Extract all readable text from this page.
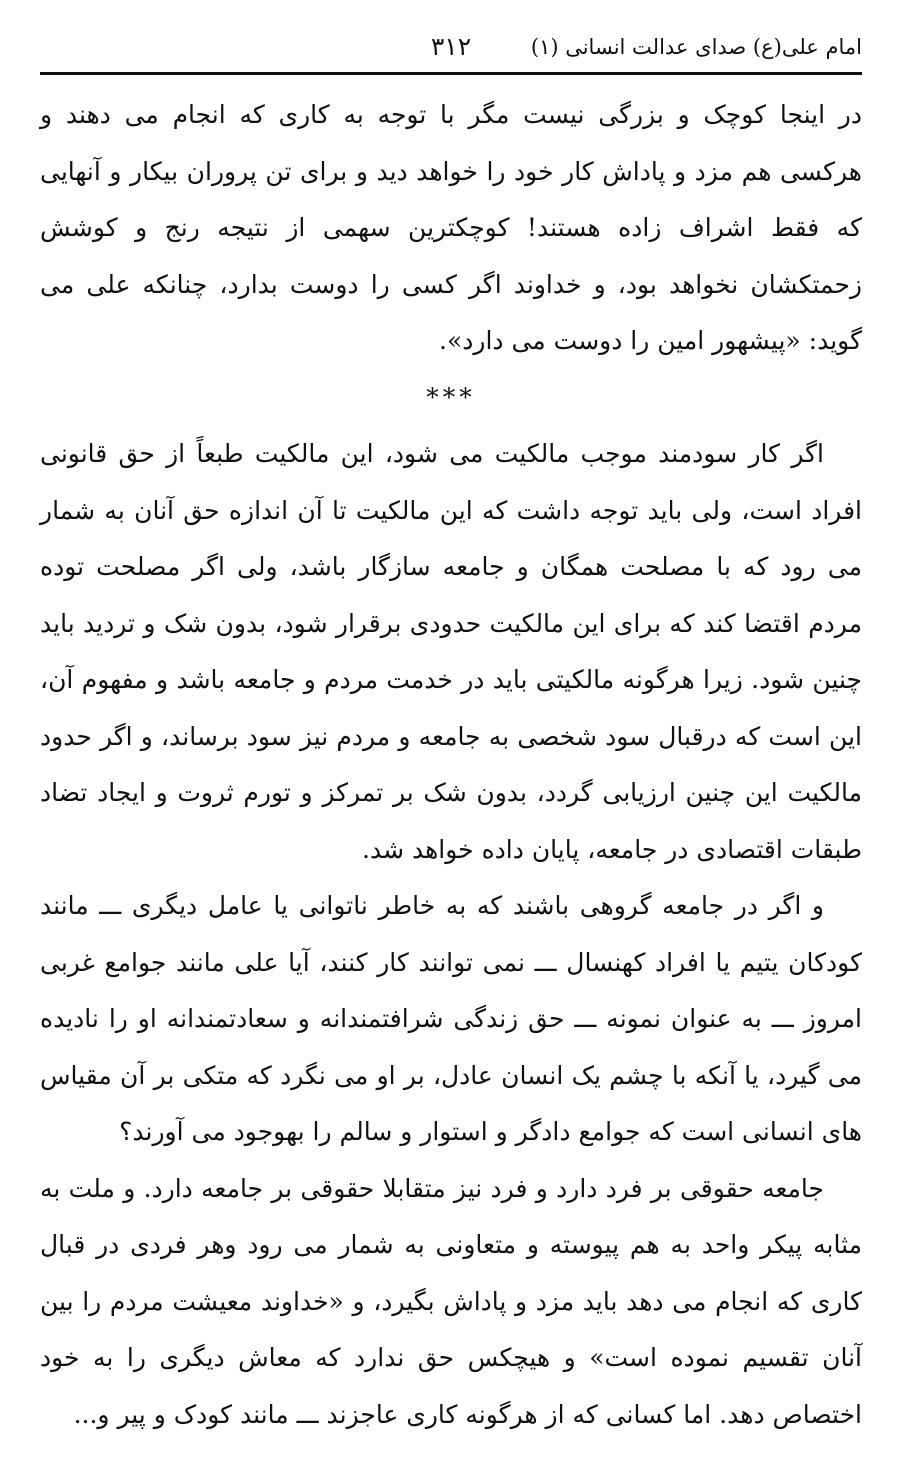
امام علی(ع) صدای عدالت انسانی (۱)
۳۱۲

در اینجا کوچک و بزرگی نیست مگر با توجه به کاری که انجام می دهند و هرکسی هم مزد و پاداش کار خود را خواهد دید و برای تن پروران بیکار و آنهایی که فقط اشراف زاده هستند! کوچکترین سهمی از نتیجه رنج و کوشش زحمتکشان نخواهد بود، و خداوند اگر کسی را دوست بدارد، چنانکه علی می گوید: «پیشهور امین را دوست می دارد».

***

اگر کار سودمند موجب مالکیت می شود، این مالکیت طبعاً از حق قانونی افراد است، ولی باید توجه داشت که این مالکیت تا آن اندازه حق آنان به شمار می رود که با مصلحت همگان و جامعه سازگار باشد، ولی اگر مصلحت توده مردم اقتضا کند که برای این مالکیت حدودی برقرار شود، بدون شک و تردید باید چنین شود. زیرا هرگونه مالکیتی باید در خدمت مردم و جامعه باشد و مفهوم آن، این است که درقبال سود شخصی به جامعه و مردم نیز سود برساند، و اگر حدود مالکیت این چنین ارزیابی گردد، بدون شک بر تمرکز و تورم ثروت و ایجاد تضاد طبقات اقتصادی در جامعه، پایان داده خواهد شد.

و اگر در جامعه گروهی باشند که به خاطر ناتوانی یا عامل دیگری ـــ مانند کودکان یتیم یا افراد کهنسال ـــ نمی توانند کار کنند، آیا علی مانند جوامع غربی امروز ـــ به عنوان نمونه ـــ حق زندگی شرافتمندانه و سعادتمندانه او را نادیده می گیرد، یا آنکه با چشم یک انسان عادل، بر او می نگرد که متکی بر آن مقیاس های انسانی است که جوامع دادگر و استوار و سالم را بهوجود می آورند؟

جامعه حقوقی بر فرد دارد و فرد نیز متقابلا حقوقی بر جامعه دارد. و ملت به مثابه پیکر واحد به هم پیوسته و متعاونی به شمار می رود وهر فردی در قبال کاری که انجام می دهد باید مزد و پاداش بگیرد، و «خداوند معیشت مردم را بین آنان تقسیم نموده است» و هیچکس حق ندارد که معاش دیگری را به خود اختصاص دهد. اما کسانی که از هرگونه کاری عاجزند ـــ مانند کودک و پیر و...
